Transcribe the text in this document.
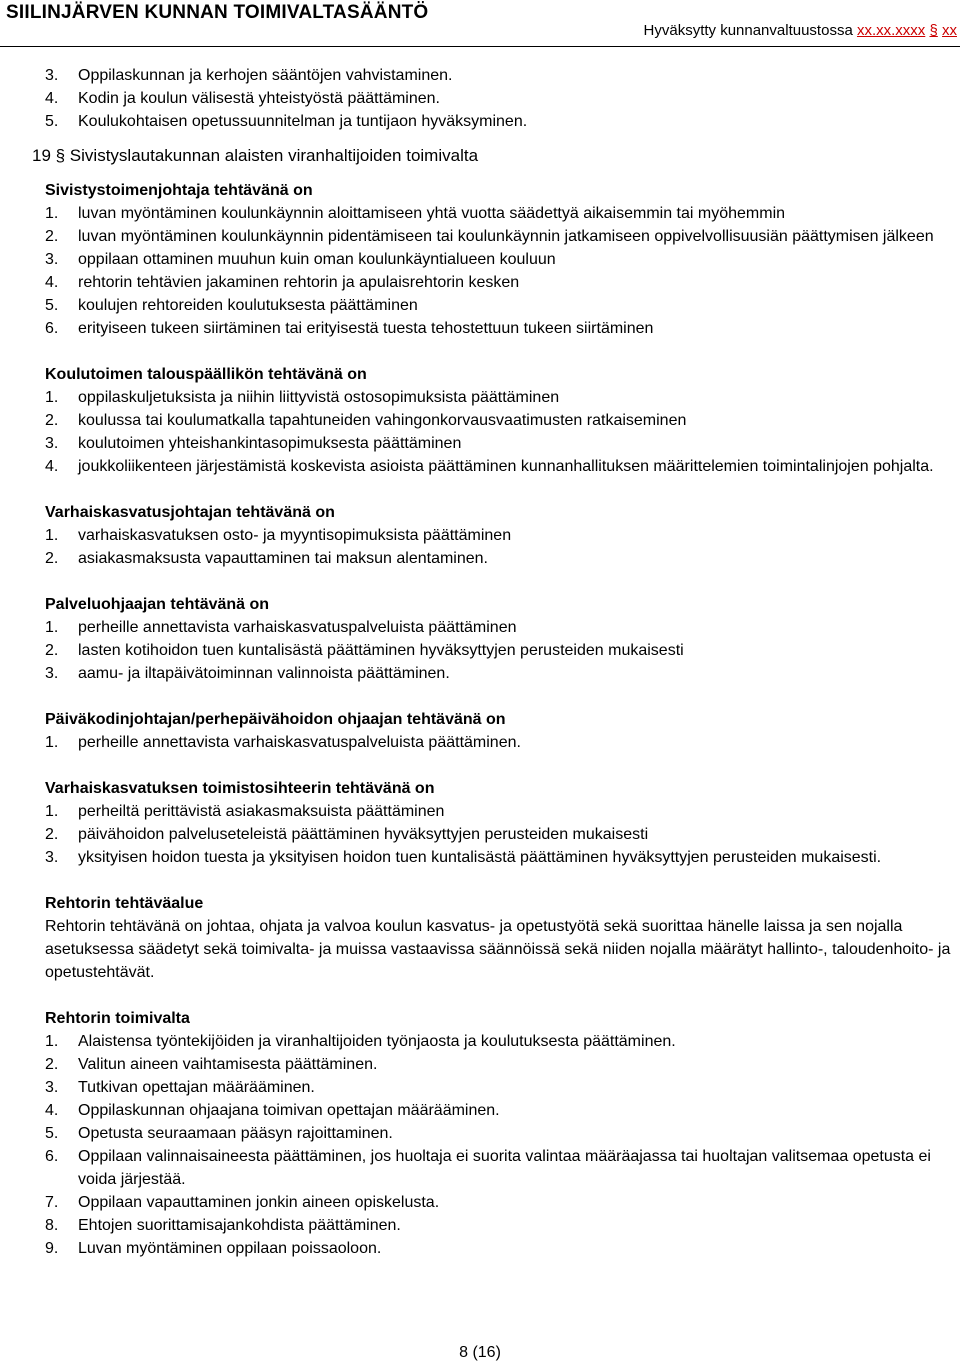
SIILINJÄRVEN KUNNAN TOIMIVALTASÄÄNTÖ
Hyväksytty kunnanvaltuustossa xx.xx.xxxx § xx
3. Oppilaskunnan ja kerhojen sääntöjen vahvistaminen.
4. Kodin ja koulun välisestä yhteistyöstä päättäminen.
5. Koulukohtaisen opetussuunnitelman ja tuntijaon hyväksyminen.
19 § Sivistyslautakunnan alaisten viranhaltijoiden toimivalta
Sivistystoimenjohtaja tehtävänä on
1. luvan myöntäminen koulunkäynnin aloittamiseen yhtä vuotta säädettyä aikaisemmin tai myöhemmin
2. luvan myöntäminen koulunkäynnin pidentämiseen tai koulunkäynnin jatkamiseen oppivelvollisuusiän päättymisen jälkeen
3. oppilaan ottaminen muuhun kuin oman koulunkäyntialueen kouluun
4. rehtorin tehtävien jakaminen rehtorin ja apulaisrehtorin kesken
5. koulujen rehtoreiden koulutuksesta päättäminen
6. erityiseen tukeen siirtäminen tai erityisestä tuesta tehostettuun tukeen siirtäminen
Koulutoimen talouspäällikön tehtävänä on
1. oppilaskuljetuksista ja niihin liittyvistä ostosopimuksista päättäminen
2. koulussa tai koulumatkalla tapahtuneiden vahingonkorvausvaatimusten ratkaiseminen
3. koulutoimen yhteishankintasopimuksesta päättäminen
4. joukkoliikenteen järjestämistä koskevista asioista päättäminen kunnanhallituksen määrittelemien toimintalinjojen pohjalta.
Varhaiskasvatusjohtajan tehtävänä on
1. varhaiskasvatuksen osto- ja myyntisopimuksista päättäminen
2. asiakasmaksusta vapauttaminen tai maksun alentaminen.
Palveluohjaajan tehtävänä on
1. perheille annettavista varhaiskasvatuspalveluista päättäminen
2. lasten kotihoidon tuen kuntalisästä päättäminen hyväksyttyjen perusteiden mukaisesti
3. aamu- ja iltapäivätoiminnan valinnoista päättäminen.
Päiväkodinjohtajan/perhepäivähoidon ohjaajan tehtävänä on
1. perheille annettavista varhaiskasvatuspalveluista päättäminen.
Varhaiskasvatuksen toimistosihteerin tehtävänä on
1. perheiltä perittävistä asiakasmaksuista päättäminen
2. päivähoidon palveluseteleistä päättäminen hyväksyttyjen perusteiden mukaisesti
3. yksityisen hoidon tuesta ja yksityisen hoidon tuen kuntalisästä päättäminen hyväksyttyjen perusteiden mukaisesti.
Rehtorin tehtäväalue

Rehtorin tehtävänä on johtaa, ohjata ja valvoa koulun kasvatus- ja opetustyötä sekä suorittaa hänelle laissa ja sen nojalla asetuksessa säädetyt sekä toimivalta- ja muissa vastaavissa säännöissä sekä niiden nojalla määrätyt hallinto-, taloudenhoito- ja opetustehtävät.

Rehtorin toimivalta
1. Alaistensa työntekijöiden ja viranhaltijoiden työnjaosta ja koulutuksesta päättäminen.
2. Valitun aineen vaihtamisesta päättäminen.
3. Tutkivan opettajan määrääminen.
4. Oppilaskunnan ohjaajana toimivan opettajan määrääminen.
5. Opetusta seuraamaan pääsyn rajoittaminen.
6. Oppilaan valinnaisaineesta päättäminen, jos huoltaja ei suorita valintaa määräajassa tai huoltajan valitsemaa opetusta ei voida järjestää.
7. Oppilaan vapauttaminen jonkin aineen opiskelusta.
8. Ehtojen suorittamisajankohdista päättäminen.
9. Luvan myöntäminen oppilaan poissaoloon.
8 (16)
